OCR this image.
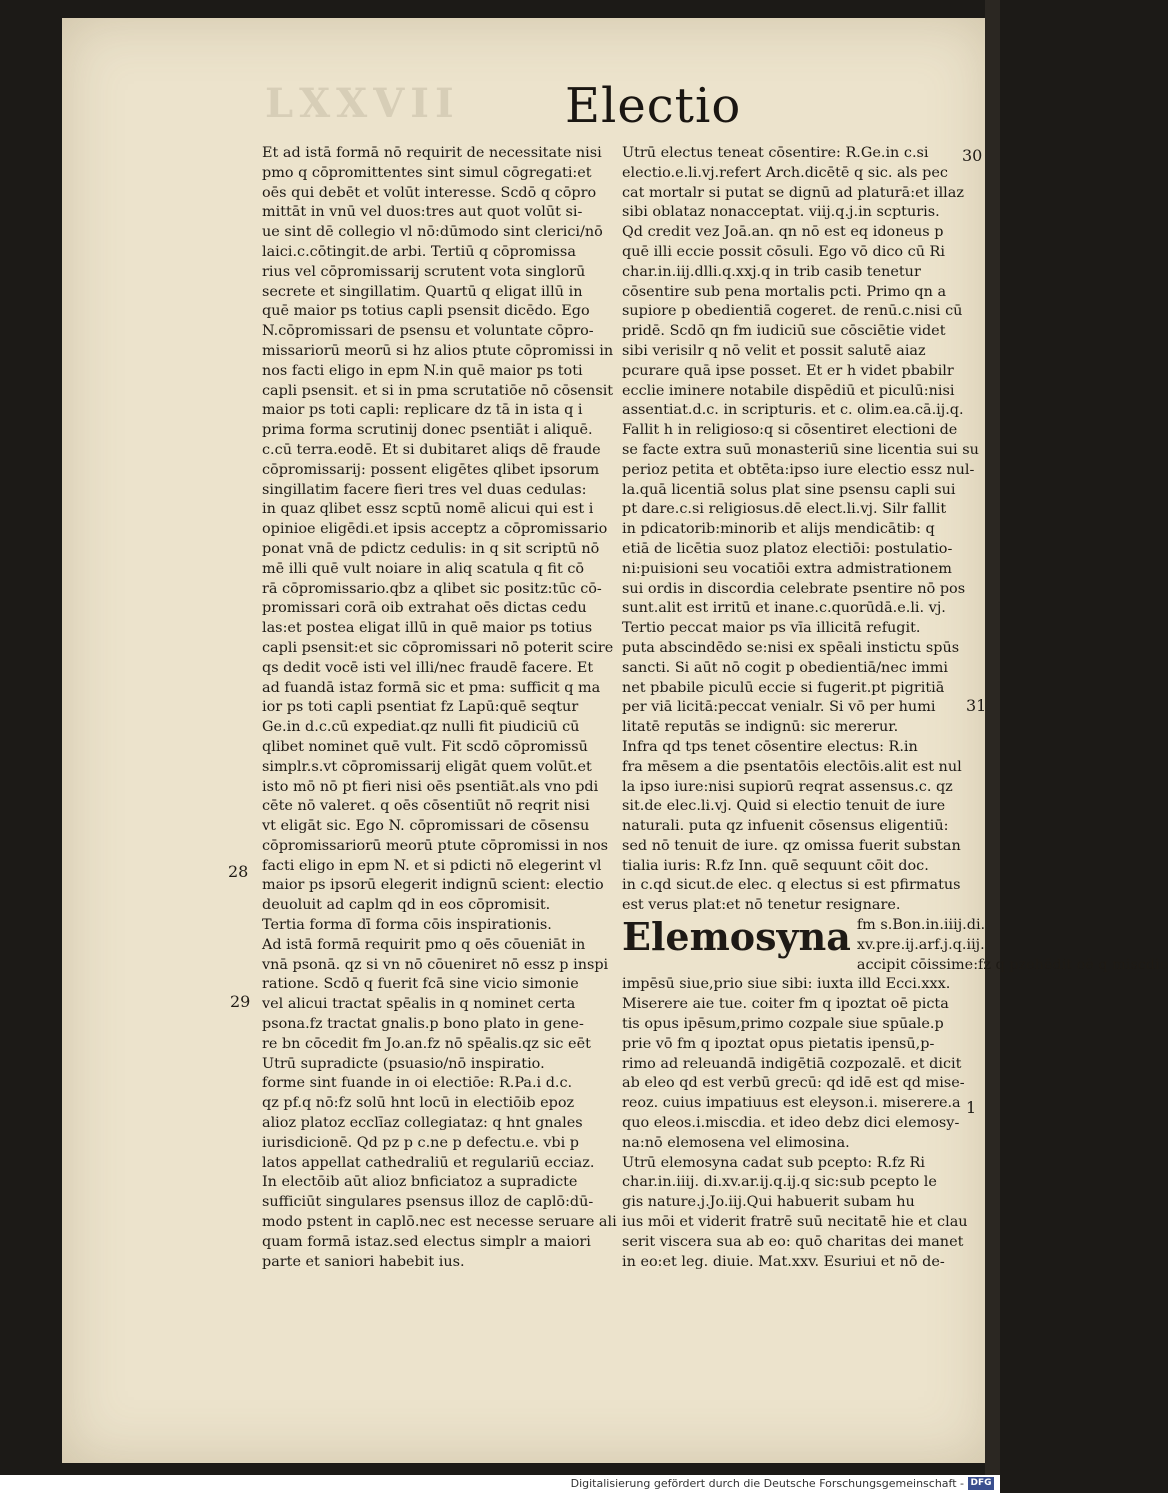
LXXVII Electio

Et ad istā formā nō requirit de necessitate nisi
pmo q cōpromittentes sint simul cōgregati:et
oēs qui debēt et volūt interesse. Scdō q cōpro
mittāt in vnū vel duos:tres aut quot volūt si-
ue sint dē collegio vl nō:dūmodo sint clerici/nō
laici.c.cōtingit.de arbi. Tertiū q cōpromissa
rius vel cōpromissarij scrutent vota singlorū
secrete et singillatim. Quartū q eligat illū in
quē maior ps totius capli psensit dicēdo. Ego
N.cōpromissari de psensu et voluntate cōpro-
missariorū meorū si hz alios ptute cōpromissi in
nos facti eligo in epm N.in quē maior ps toti
capli psensit. et si in pma scrutatiōe nō cōsensit
maior ps toti capli: replicare dz tā in ista q i
prima forma scrutinij donec psentiāt i aliquē.
c.cū terra.eodē. Et si dubitaret aliqs dē fraude
cōpromissarij: possent eligētes qlibet ipsorum
singillatim facere fieri tres vel duas cedulas:
in quaz qlibet essz scptū nomē alicui qui est i
opinioe eligēdi.et ipsis acceptz a cōpromissario
ponat vnā de pdictz cedulis: in q sit scriptū nō
mē illi quē vult noiare in aliq scatula q fit cō
rā cōpromissario.qbz a qlibet sic positz:tūc cō-
promissari corā oib extrahat oēs dictas cedu
las:et postea eligat illū in quē maior ps totius
capli psensit:et sic cōpromissari nō poterit scire
qs dedit vocē isti vel illi/nec fraudē facere. Et
ad fuandā istaz formā sic et pma: sufficit q ma
ior ps toti capli psentiat fz Lapū:quē seqtur
Ge.in d.c.cū expediat.qz nulli fit piudiciū cū
qlibet nominet quē vult. Fit scdō cōpromissū
simplr.s.vt cōpromissarij eligāt quem volūt.et
isto mō nō pt fieri nisi oēs psentiāt.als vno pdi
cēte nō valeret. q oēs cōsentiūt nō reqrit nisi
vt eligāt sic. Ego N. cōpromissari de cōsensu
cōpromissariorū meorū ptute cōpromissi in nos
facti eligo in epm N. et si pdicti nō elegerint vl
maior ps ipsorū elegerit indignū scient: electio
deuoluit ad caplm qd in eos cōpromisit.

Tertia forma dī forma cōis inspirationis.
Ad istā formā requirit pmo q oēs cōueniāt in
vnā psonā. qz si vn nō cōueniret nō essz p inspi
ratione. Scdō q fuerit fcā sine vicio simonie
vel alicui tractat spēalis in q nominet certa
psona.fz tractat gnalis.p bono plato in gene-
re bn cōcedit fm Jo.an.fz nō spēalis.qz sic eēt

Utrū supradicte (psuasio/nō inspiratio.
forme sint fuande in oi electiōe: R.Pa.i d.c.
qz pf.q nō:fz solū hnt locū in electiōib epoz
alioz platoz ecclīaz collegiataz: q hnt gnales
iurisdicionē. Qd pz p c.ne p defectu.e. vbi p
latos appellat cathedraliū et regulariū ecciaz.
In electōib aūt alioz bnficiatoz a supradicte
sufficiūt singulares psensus illoz de caplō:dū-
modo pstent in caplō.nec est necesse seruare ali
quam formā istaz.sed electus simplr a maiori
parte et saniori habebit ius.

Utrū electus teneat cōsentire: R.Ge.in c.si
electio.e.li.vj.refert Arch.dicētē q sic. als pec
cat mortalr si putat se dignū ad platurā:et illaz
sibi oblataz nonacceptat. viij.q.j.in scpturis.
Qd credit vez Joā.an. qn nō est eq idoneus p
quē illi eccie possit cōsuli. Ego vō dico cū Ri
char.in.iij.dlli.q.xxj.q in trib casib tenetur
cōsentire sub pena mortalis pcti. Primo qn a
supiore p obedientiā cogeret. de renū.c.nisi cū
pridē. Scdō qn fm iudiciū sue cōsciētie videt
sibi verisilr q nō velit et possit salutē aiaz
pcurare quā ipse posset. Et er h videt pbabilr
ecclie iminere notabile dispēdiū et piculū:nisi
assentiat.d.c. in scripturis. et c. olim.ea.cā.ij.q.
Fallit h in religioso:q si cōsentiret electioni de
se facte extra suū monasteriū sine licentia sui su
perioz petita et obtēta:ipso iure electio essz nul-
la.quā licentiā solus plat sine psensu capli sui
pt dare.c.si religiosus.dē elect.li.vj. Silr fallit
in pdicatorib:minorib et alijs mendicātib: q
etiā de licētia suoz platoz electiōi: postulatio-
ni:puisioni seu vocatiōi extra admistrationem
sui ordis in discordia celebrate psentire nō pos
sunt.alit est irritū et inane.c.quorūdā.e.li. vj.
Tertio peccat maior ps vīa illicitā refugit.
puta abscindēdo se:nisi ex spēali instictu spūs
sancti. Si aūt nō cogit p obedientiā/nec immi
net pbabile piculū eccie si fugerit.pt pigritiā
per viā licitā:peccat venialr. Si vō per humi
litatē reputās se indignū: sic mererur.

Infra qd tps tenet cōsentire electus: R.in
fra mēsem a die psentatōis electōis.alit est nul
la ipso iure:nisi supiorū reqrat assensus.c. qz
sit.de elec.li.vj. Quid si electio tenuit de iure
naturali. puta qz infuenit cōsensus eligentiū:
sed nō tenuit de iure. qz omissa fuerit substan
tialia iuris: R.fz Inn. quē sequunt cōit doc.
in c.qd sicut.de elec. q electus si est pfirmatus
est verus plat:et nō tenetur resignare.

Elemosyna fm s.Bon.in.iiij.di.
xv.pre.ij.arf.j.q.iij.
accipit cōissime:fz q pzehēdit oē q miscdie
impēsū siue,prio siue sibi: iuxta illd Ecci.xxx.
Miserere aie tue. coiter fm q ipoztat oē picta
tis opus ipēsum,primo cozpale siue spūale.p
prie vō fm q ipoztat opus pietatis ipensū,p-
rimo ad releuandā indigētiā cozpozalē. et dicit
ab eleo qd est verbū grecū: qd idē est qd mise-
reoz. cuius impatiuus est eleyson.i. miserere.a
quo eleos.i.miscdia. et ideo debz dici elemosy-
na:nō elemosena vel elimosina.

Utrū elemosyna cadat sub pcepto: R.fz Ri
char.in.iiij. di.xv.ar.ij.q.ij.q sic:sub pcepto le
gis nature.j.Jo.iij.Qui habuerit subam hu
ius mōi et viderit fratrē suū necitatē hie et clau
serit viscera sua ab eo: quō charitas dei manet
in eo:et leg. diuie. Mat.xxv. Esuriui et nō de-

28
29
30
31
1
Digitalisierung gefördert durch die Deutsche Forschungsgemeinschaft - DFG
